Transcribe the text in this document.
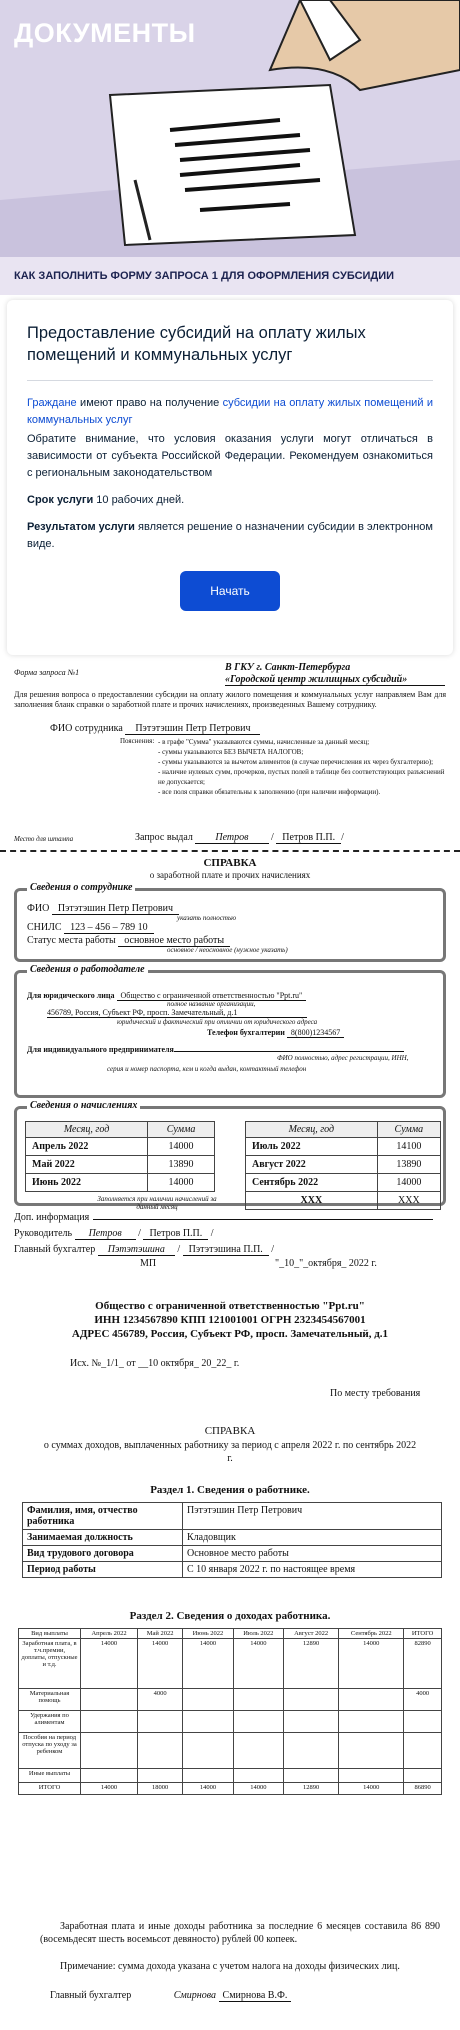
ДОКУМЕНТЫ
КАК ЗАПОЛНИТЬ ФОРМУ ЗАПРОСА 1 ДЛЯ ОФОРМЛЕНИЯ СУБСИДИИ
Предоставление субсидий на оплату жилых помещений и коммунальных услуг

Гражданe имеют право на получение субсидии на оплату жилых помещений и коммунальных услуг

Обратите внимание, что условия оказания услуги могут отличаться в зависимости от субъекта Российской Федерации. Рекомендуем ознакомиться с региональным законодательством

Срок услуги 10 рабочих дней.

Результатом услуги является решение о назначении субсидии в электронном виде.

Начать
Форма запроса №1	В ГКУ г. Санкт-Петербурга
«Городской центр жилищных субсидий»
Для решения вопроса о предоставлении субсидии на оплату жилого помещения и коммунальных услуг направляем Вам для заполнения бланк справки о заработной плате и прочих начислениях, произведенных Вашему сотруднику.
ФИО сотрудника Пэтэтэшин Петр Петрович
Пояснения: - в графе "Сумма" указываются суммы, начисленные за данный месяц;
- суммы указываются БЕЗ ВЫЧЕТА НАЛОГОВ;
- суммы указываются за вычетом алиментов (в случае перечисления их через бухгалтерию);
- наличие нулевых сумм, прочерков, пустых полей в таблице без соответствующих разъяснений не допускается;
- все поля справки обязательны к заполнению (при наличии информации).
Место для штампа	Запрос выдал Петров / Петров П.П. /
СПРАВКА
о заработной плате и прочих начислениях
Сведения о сотруднике
ФИО Пэтэтэшин Петр Петрович
указать полностью
СНИЛС 123 – 456 – 789 10
Статус места работы основное место работы
основное / неосновное (нужное указать)
Сведения о работодателе
Для юридического лица Общество с ограниченной ответственностью "Ppt.ru"
полное название организации,
456789, Россия, Субъект РФ, просп. Замечательный, д.1
юридический и фактический при отличии от юридического адреса
Телефон бухгалтерии 8(800)1234567
Для индивидуального предпринимателя
ФИО полностью, адрес регистрации, ИНН,
серия и номер паспорта, кем и когда выдан, контактный телефон
Сведения о начислениях
Месяц, год	Сумма
Апрель 2022	14000
Май 2022	13890
Июнь 2022	14000
Месяц, год	Сумма
Июль 2022	14100
Август 2022	13890
Сентябрь 2022	14000
ХХХ	ХХХ
Заполняется при наличии начислений за данный месяц
Доп. информация
Руководитель Петров / Петров П.П. /
Главный бухгалтер Пэтэтэшина / Пэтэтэшина П.П. /
МП	"_10_"_октября_ 2022 г.
Общество с ограниченной ответственностью "Ppt.ru"
ИНН 1234567890 КПП 121001001 ОГРН 2323454567001
АДРЕС 456789, Россия, Субъект РФ, просп. Замечательный, д.1
Исх. №_1/1_ от __10 октября_ 20_22_ г.
По месту требования
СПРАВКА
о суммах доходов, выплаченных работнику за период с апреля 2022 г. по сентябрь 2022 г.
Раздел 1. Сведения о работнике.
Фамилия, имя, отчество работника	Пэтэтэшин Петр Петрович
Занимаемая должность	Кладовщик
Вид трудового договора	Основное место работы
Период работы	С 10 января 2022 г. по настоящее время
Раздел 2. Сведения о доходах работника.
Вид выплаты	Апрель 2022	Май 2022	Июнь 2022	Июль 2022	Август 2022	Сентябрь 2022	ИТОГО
Заработная плата, в т.ч.премии, доплаты, отпускные и т.д.	14000	14000	14000	14000	12890	14000	82890
Материальная помощь		4000					4000
Удержания по алиментам							
Пособия на период отпуска по уходу за ребенком							
Иные выплаты							
ИТОГО	14000	18000	14000	14000	12890	14000	86890
Заработная плата и иные доходы работника за последние 6 месяцев составила 86 890 (восемьдесят шесть восемьсот девяносто) рублей 00 копеек.
Примечание: сумма дохода указана с учетом налога на доходы физических лиц.
Главный бухгалтер	Смирнова Смирнова В.Ф.
